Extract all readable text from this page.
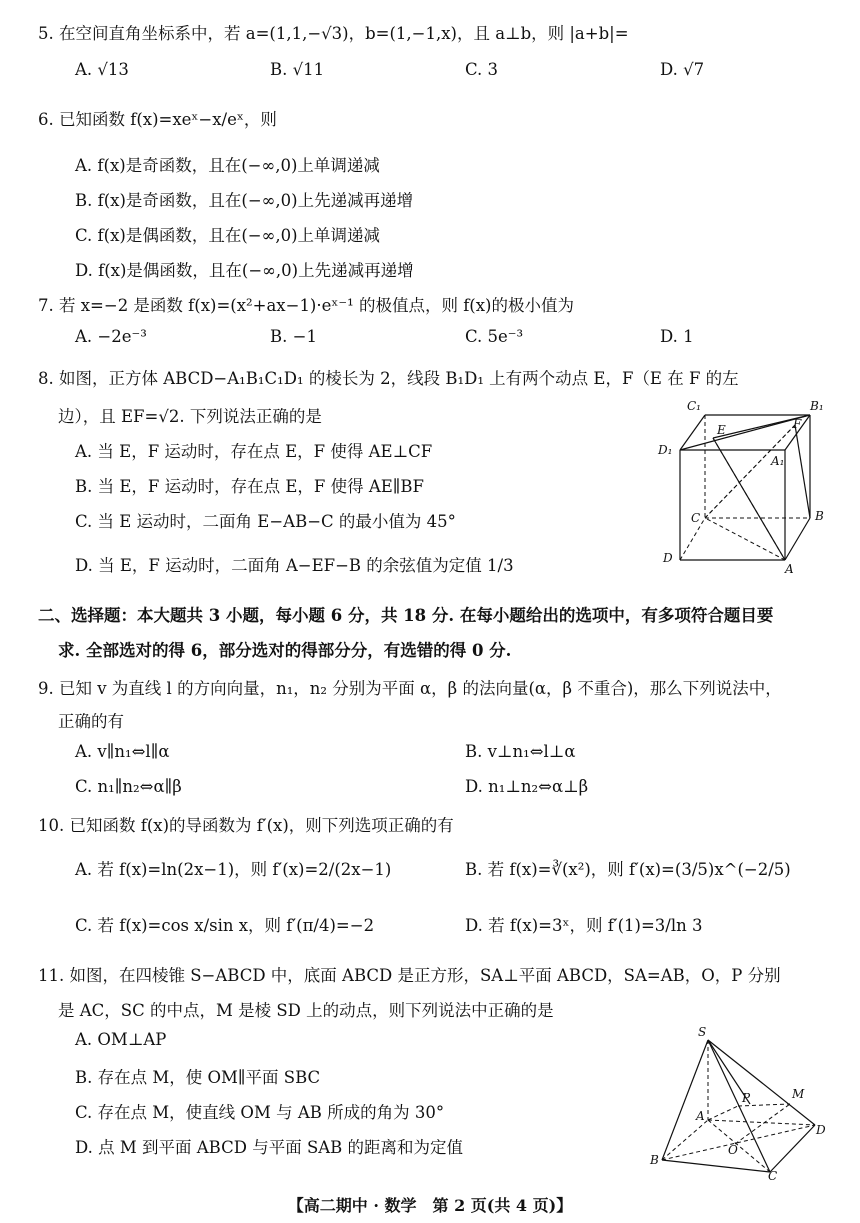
5. 在空间直角坐标系中，若 a=(1,1,−√3)，b=(1,−1,x)，且 a⊥b，则 |a+b|=
A. √13	B. √11	C. 3	D. √7
6. 已知函数 f(x)=xeˣ−x/eˣ，则
A. f(x)是奇函数，且在(−∞,0)上单调递减
B. f(x)是奇函数，且在(−∞,0)上先递减再递增
C. f(x)是偶函数，且在(−∞,0)上单调递减
D. f(x)是偶函数，且在(−∞,0)上先递减再递增
7. 若 x=−2 是函数 f(x)=(x²+ax−1)·eˣ⁻¹ 的极值点，则 f(x)的极小值为
A. −2e⁻³	B. −1	C. 5e⁻³	D. 1
8. 如图，正方体 ABCD−A₁B₁C₁D₁ 的棱长为 2，线段 B₁D₁ 上有两个动点 E，F（E 在 F 的左
边），且 EF=√2. 下列说法正确的是
A. 当 E，F 运动时，存在点 E，F 使得 AE⊥CF
B. 当 E，F 运动时，存在点 E，F 使得 AE∥BF
C. 当 E 运动时，二面角 E−AB−C 的最小值为 45°
D. 当 E，F 运动时，二面角 A−EF−B 的余弦值为定值 1/3
C₁	B₁
E	F
A₁
D₁
C	B
D
A
二、选择题：本大题共 3 小题，每小题 6 分，共 18 分. 在每小题给出的选项中，有多项符合题目要
求. 全部选对的得 6，部分选对的得部分分，有选错的得 0 分.
9. 已知 v 为直线 l 的方向向量，n₁，n₂ 分别为平面 α，β 的法向量(α，β 不重合)，那么下列说法中，
正确的有
A. v∥n₁⇔l∥α	B. v⊥n₁⇔l⊥α
C. n₁∥n₂⇔α∥β	D. n₁⊥n₂⇔α⊥β
10. 已知函数 f(x)的导函数为 f′(x)，则下列选项正确的有
A. 若 f(x)=ln(2x−1)，则 f′(x)=2/(2x−1)	B. 若 f(x)=∛(x²)，则 f′(x)=(3/5)x^(−2/5)
C. 若 f(x)=cos x/sin x，则 f′(π/4)=−2	D. 若 f(x)=3ˣ，则 f′(1)=3/ln 3
11. 如图，在四棱锥 S−ABCD 中，底面 ABCD 是正方形，SA⊥平面 ABCD，SA=AB，O，P 分别
是 AC，SC 的中点，M 是棱 SD 上的动点，则下列说法中正确的是
A. OM⊥AP
B. 存在点 M，使 OM∥平面 SBC
C. 存在点 M，使直线 OM 与 AB 所成的角为 30°
D. 点 M 到平面 ABCD 与平面 SAB 的距离和为定值
S
M
P
A
D
O
B
C
【高二期中 · 数学　第 2 页(共 4 页)】
